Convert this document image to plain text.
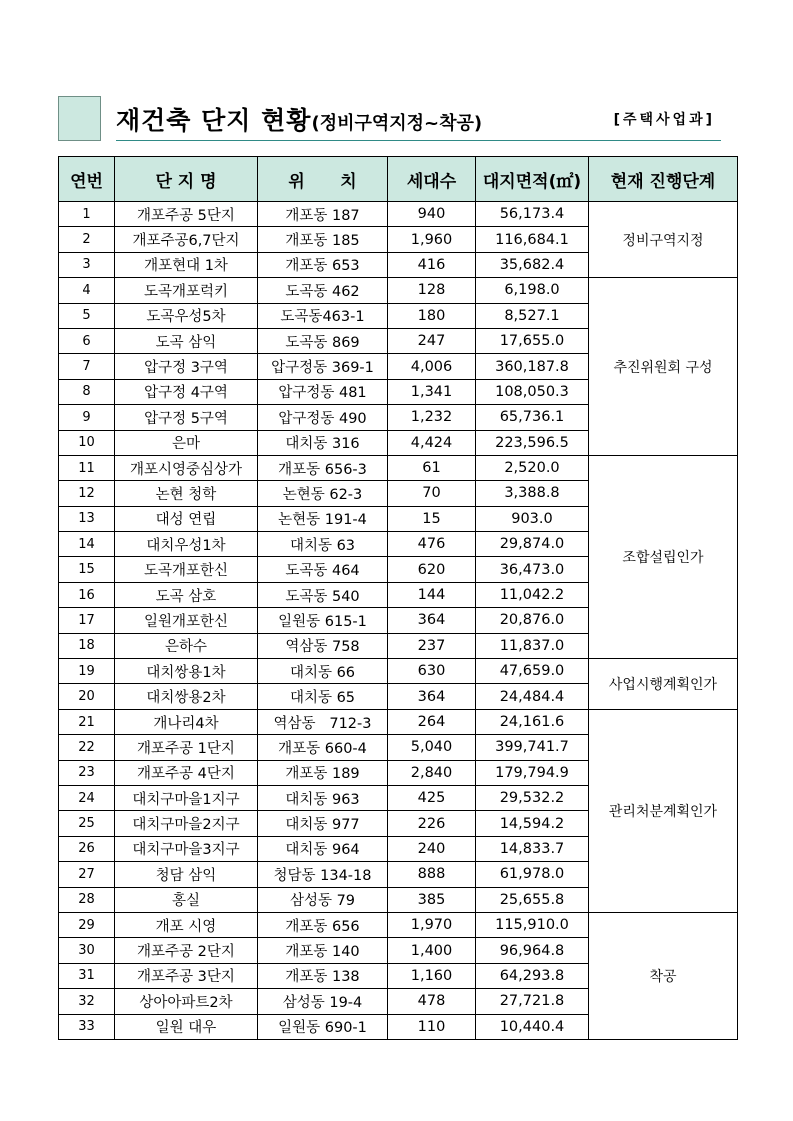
재건축 단지 현황(정비구역지정~착공)	[주택사업과]
연번	단 지 명	위      치	세대수	대지면적(㎡)	현재 진행단계
1	개포주공 5단지	개포동 187	940	56,173.4	정비구역지정
2	개포주공6,7단지	개포동 185	1,960	116,684.1	
3	개포현대 1차	개포동 653	416	35,682.4	
4	도곡개포럭키	도곡동 462	128	6,198.0	추진위원회 구성
5	도곡우성5차	도곡동463-1	180	8,527.1	
6	도곡 삼익	도곡동 869	247	17,655.0	
7	압구정 3구역	압구정동 369-1	4,006	360,187.8	
8	압구정 4구역	압구정동 481	1,341	108,050.3	
9	압구정 5구역	압구정동 490	1,232	65,736.1	
10	은마	대치동 316	4,424	223,596.5	
11	개포시영중심상가	개포동 656-3	61	2,520.0	조합설립인가
12	논현 청학	논현동 62-3	70	3,388.8	
13	대성 연립	논현동 191-4	15	903.0	
14	대치우성1차	대치동 63	476	29,874.0	
15	도곡개포한신	도곡동 464	620	36,473.0	
16	도곡 삼호	도곡동 540	144	11,042.2	
17	일원개포한신	일원동 615-1	364	20,876.0	
18	은하수	역삼동 758	237	11,837.0	
19	대치쌍용1차	대치동 66	630	47,659.0	사업시행계획인가
20	대치쌍용2차	대치동 65	364	24,484.4	
21	개나리4차	역삼동   712-3	264	24,161.6	관리처분계획인가
22	개포주공 1단지	개포동 660-4	5,040	399,741.7	
23	개포주공 4단지	개포동 189	2,840	179,794.9	
24	대치구마을1지구	대치동 963	425	29,532.2	
25	대치구마을2지구	대치동 977	226	14,594.2	
26	대치구마을3지구	대치동 964	240	14,833.7	
27	청담 삼익	청담동 134-18	888	61,978.0	
28	홍실	삼성동 79	385	25,655.8	
29	개포 시영	개포동 656	1,970	115,910.0	착공
30	개포주공 2단지	개포동 140	1,400	96,964.8	
31	개포주공 3단지	개포동 138	1,160	64,293.8	
32	상아아파트2차	삼성동 19-4	478	27,721.8	
33	일원 대우	일원동 690-1	110	10,440.4	
